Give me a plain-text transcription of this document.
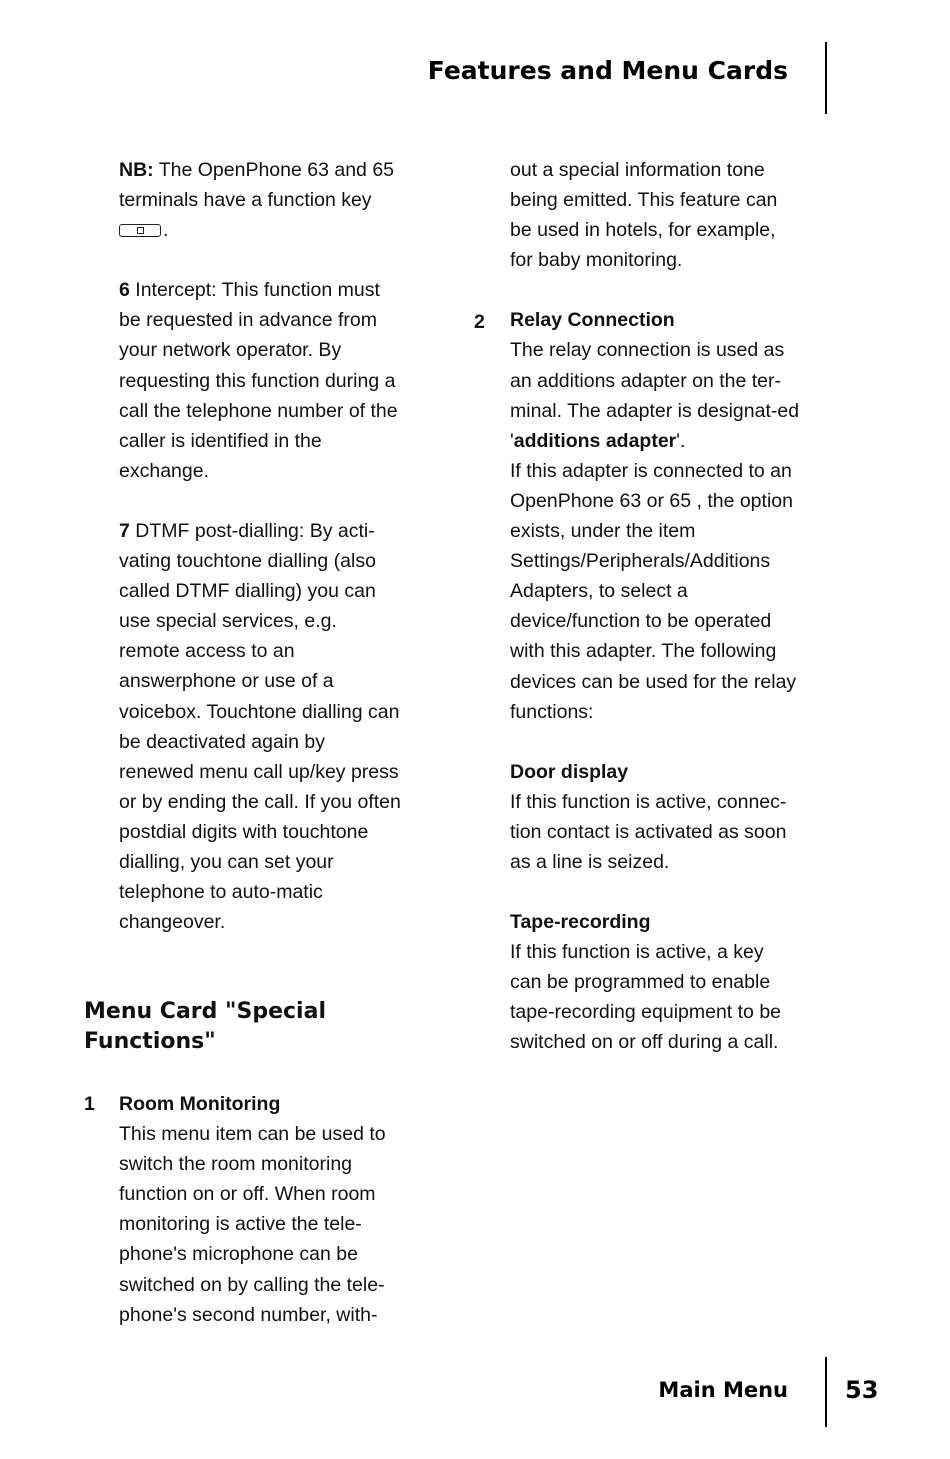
Features and Menu Cards

NB: The OpenPhone 63 and 65 terminals have a function key
.

6 Intercept: This function must be requested in advance from your network operator. By requesting this function during a call the telephone number of the caller is identified in the exchange.

7 DTMF post-dialling: By acti-vating touchtone dialling (also called DTMF dialling) you can use special services, e.g. remote access to an answerphone or use of a voicebox. Touchtone dialling can be deactivated again by renewed menu call up/key press or by ending the call. If you often postdial digits with touchtone dialling, you can set your telephone to auto-matic changeover.

Menu Card "Special Functions"
1 Room Monitoring

This menu item can be used to switch the room monitoring function on or off. When room monitoring is active the tele-phone's microphone can be switched on by calling the tele-phone's second number, with-

out a special information tone being emitted. This feature can be used in hotels, for example, for baby monitoring.

Relay Connection

The relay connection is used as an additions adapter on the ter-minal. The adapter is designat-ed 'additions adapter'.

If this adapter is connected to an OpenPhone 63 or 65 , the option exists, under the item Settings/Peripherals/Additions Adapters, to select a device/function to be operated with this adapter. The following devices can be used for the relay functions:

Door display

If this function is active, connec-tion contact is activated as soon as a line is seized.

Tape-recording

If this function is active, a key can be programmed to enable tape-recording equipment to be switched on or off during a call.

2
Main Menu 53
